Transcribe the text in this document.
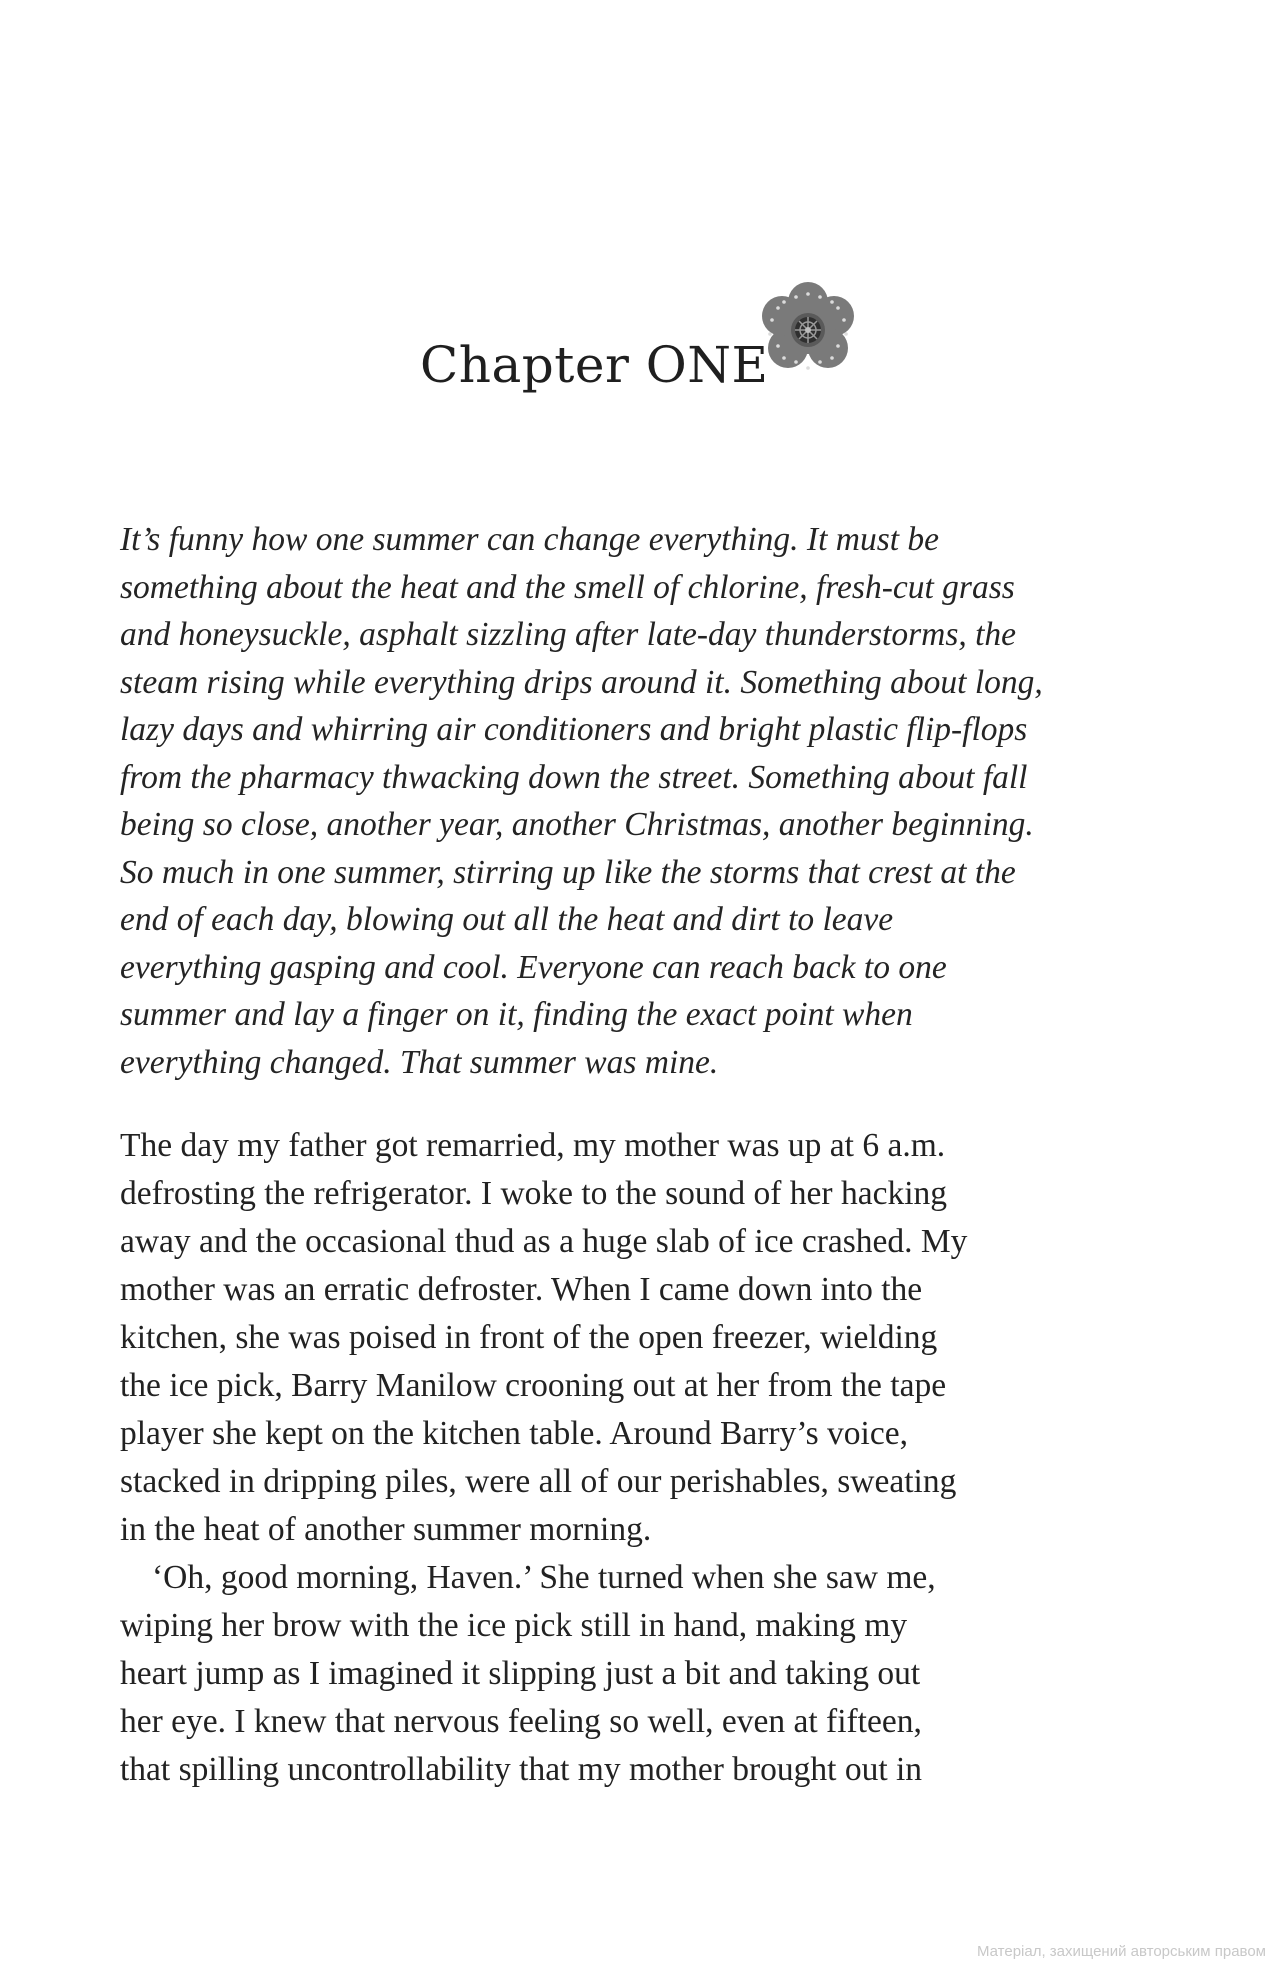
Chapter ONE
It’s funny how one summer can change everything. It must be
something about the heat and the smell of chlorine, fresh-cut grass
and honeysuckle, asphalt sizzling after late-day thunderstorms, the
steam rising while everything drips around it. Something about long,
lazy days and whirring air conditioners and bright plastic flip-flops
from the pharmacy thwacking down the street. Something about fall
being so close, another year, another Christmas, another beginning.
So much in one summer, stirring up like the storms that crest at the
end of each day, blowing out all the heat and dirt to leave
everything gasping and cool. Everyone can reach back to one
summer and lay a finger on it, finding the exact point when
everything changed. That summer was mine.
The day my father got remarried, my mother was up at 6 a.m.
defrosting the refrigerator. I woke to the sound of her hacking
away and the occasional thud as a huge slab of ice crashed. My
mother was an erratic defroster. When I came down into the
kitchen, she was poised in front of the open freezer, wielding
the ice pick, Barry Manilow crooning out at her from the tape
player she kept on the kitchen table. Around Barry’s voice,
stacked in dripping piles, were all of our perishables, sweating
in the heat of another summer morning.
‘Oh, good morning, Haven.’ She turned when she saw me,
wiping her brow with the ice pick still in hand, making my
heart jump as I imagined it slipping just a bit and taking out
her eye. I knew that nervous feeling so well, even at fifteen,
that spilling uncontrollability that my mother brought out in
Матеріал, захищений авторським правом
